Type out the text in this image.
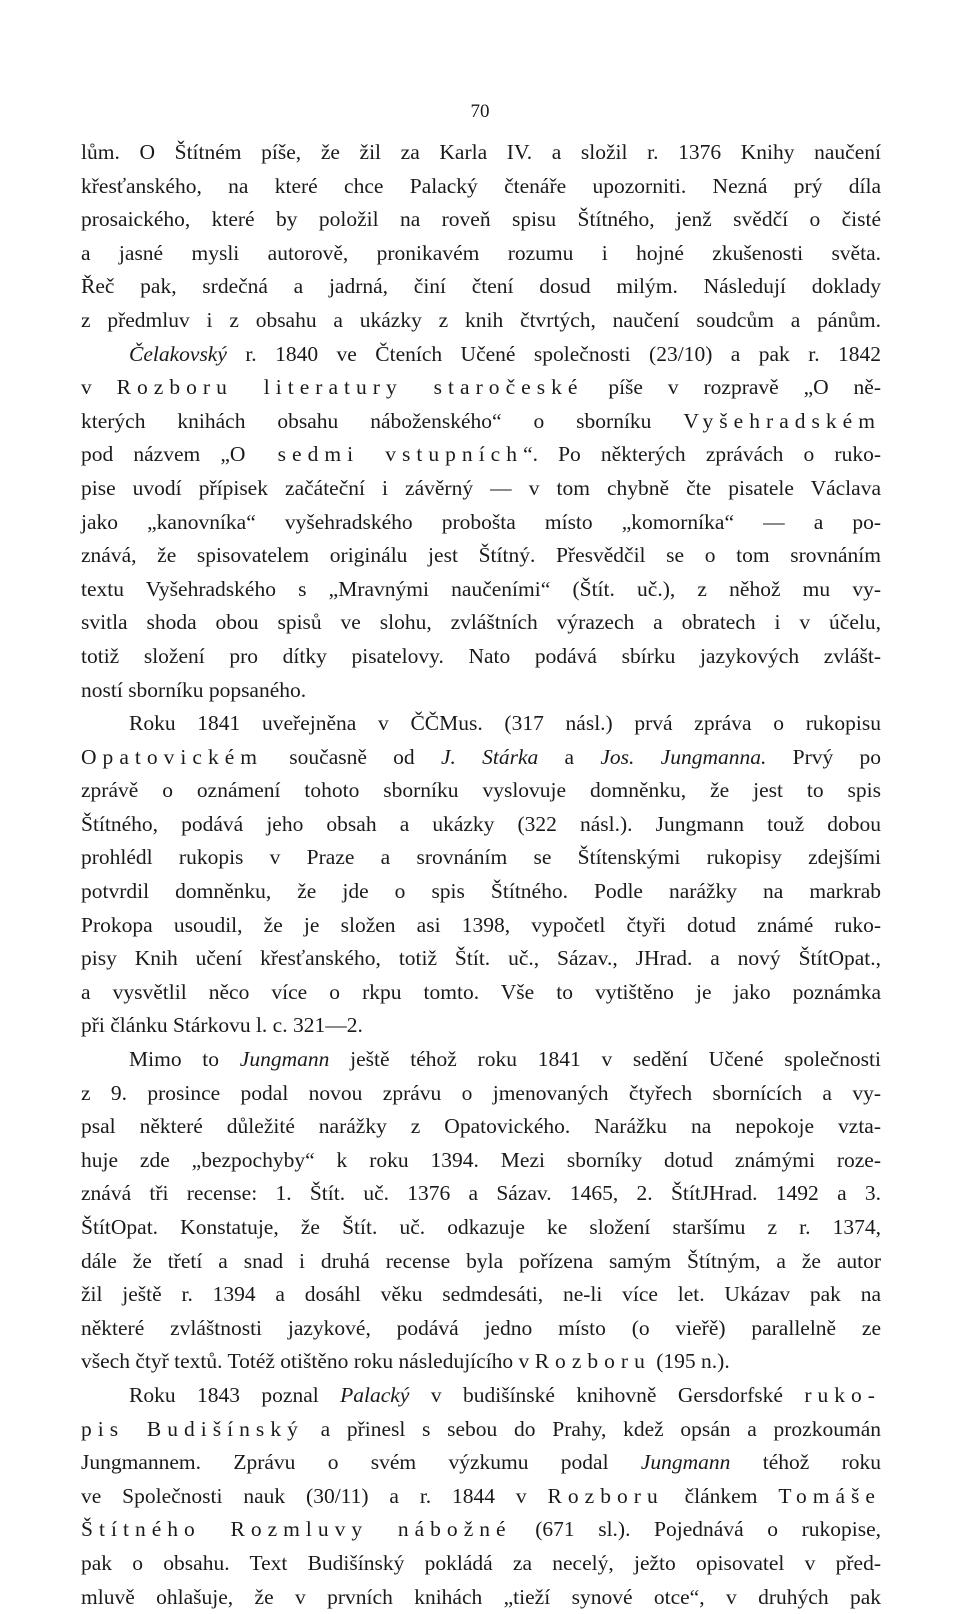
70
lům. O Štítném píše, že žil za Karla IV. a složil r. 1376 Knihy naučení
křesťanského, na které chce Palacký čtenáře upozorniti. Nezná prý díla
prosaického, které by položil na roveň spisu Štítného, jenž svědčí o čisté
a jasné mysli autorově, pronikavém rozumu i hojné zkušenosti světa.
Řeč pak, srdečná a jadrná, činí čtení dosud milým. Následují doklady
z předmluv i z obsahu a ukázky z knih čtvrtých, naučení soudcům a pánům.
Čelakovský r. 1840 ve Čteních Učené společnosti (23/10) a pak r. 1842
v Rozboru literatury staročeské píše v rozpravě „O ně-
kterých knihách obsahu náboženského“ o sborníku Vyšehradském
pod názvem „O sedmi vstupních“. Po některých zprávách o ruko-
pise uvodí přípisek začáteční i závěrný — v tom chybně čte pisatele Václava
jako „kanovníka“ vyšehradského probošta místo „komorníka“ — a po-
znává, že spisovatelem originálu jest Štítný. Přesvědčil se o tom srovnáním
textu Vyšehradského s „Mravnými naučeními“ (Štít. uč.), z něhož mu vy-
svitla shoda obou spisů ve slohu, zvláštních výrazech a obratech i v účelu,
totiž složení pro dítky pisatelovy. Nato podává sbírku jazykových zvlášt-
ností sborníku popsaného.
Roku 1841 uveřejněna v ČČMus. (317 násl.) prvá zpráva o rukopisu
Opatovickém současně od J. Stárka a Jos. Jungmanna. Prvý po
zprávě o oznámení tohoto sborníku vyslovuje domněnku, že jest to spis
Štítného, podává jeho obsah a ukázky (322 násl.). Jungmann touž dobou
prohlédl rukopis v Praze a srovnáním se Štítenskými rukopisy zdejšími
potvrdil domněnku, že jde o spis Štítného. Podle narážky na markrab
Prokopa usoudil, že je složen asi 1398, vypočetl čtyři dotud známé ruko-
pisy Knih učení křesťanského, totiž Štít. uč., Sázav., JHrad. a nový ŠtítOpat.,
a vysvětlil něco více o rkpu tomto. Vše to vytištěno je jako poznámka
při článku Stárkovu l. c. 321—2.
Mimo to Jungmann ještě téhož roku 1841 v sedění Učené společnosti
z 9. prosince podal novou zprávu o jmenovaných čtyřech sbornících a vy-
psal některé důležité narážky z Opatovického. Narážku na nepokoje vzta-
huje zde „bezpochyby“ k roku 1394. Mezi sborníky dotud známými roze-
znává tři recense: 1. Štít. uč. 1376 a Sázav. 1465, 2. ŠtítJHrad. 1492 a 3.
ŠtítOpat. Konstatuje, že Štít. uč. odkazuje ke složení staršímu z r. 1374,
dále že třetí a snad i druhá recense byla pořízena samým Štítným, a že autor
žil ještě r. 1394 a dosáhl věku sedmdesáti, ne-li více let. Ukázav pak na
některé zvláštnosti jazykové, podává jedno místo (o vieřě) parallelně ze
všech čtyř textů. Totéž otištěno roku následujícího v Rozboru (195 n.).
Roku 1843 poznal Palacký v budišínské knihovně Gersdorfské ruko-
pis Budišínský a přinesl s sebou do Prahy, kdež opsán a prozkoumán
Jungmannem. Zprávu o svém výzkumu podal Jungmann téhož roku
ve Společnosti nauk (30/11) a r. 1844 v Rozboru článkem Tomáše
Štítného Rozmluvy nábožné (671 sl.). Pojednává o rukopise,
pak o obsahu. Text Budišínský pokládá za necelý, ježto opisovatel v před-
mluvě ohlašuje, že v prvních knihách „tieží synové otce“, v druhých pak
